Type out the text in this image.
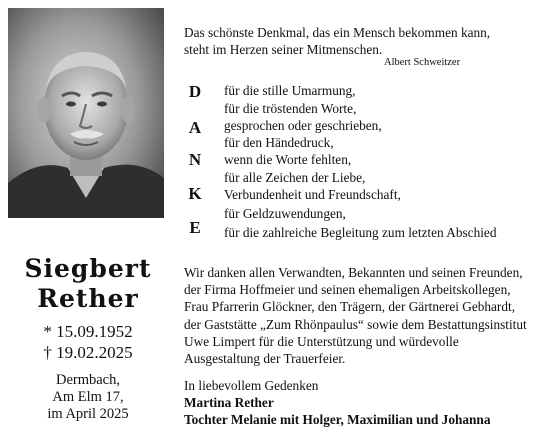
Siegbert
Rether
* 15.09.1952
† 19.02.2025
Dermbach,
Am Elm 17,
im April 2025
Das schönste Denkmal, das ein Mensch bekommen kann,
steht im Herzen seiner Mitmenschen.
Albert Schweitzer
D für die stille Umarmung,
A
für die tröstenden Worte,
gesprochen oder geschrieben,
N
für den Händedruck,
wenn die Worte fehlten,
K
für alle Zeichen der Liebe,
Verbundenheit und Freundschaft,
E
für Geldzuwendungen,
für die zahlreiche Begleitung zum letzten Abschied
Wir danken allen Verwandten, Bekannten und seinen Freunden,
der Firma Hoffmeier und seinen ehemaligen Arbeitskollegen,
Frau Pfarrerin Glöckner, den Trägern, der Gärtnerei Gebhardt,
der Gaststätte „Zum Rhönpaulus“ sowie dem Bestattungsinstitut
Uwe Limpert für die Unterstützung und würdevolle
Ausgestaltung der Trauerfeier.
In liebevollem Gedenken
Martina Rether
Tochter Melanie mit Holger, Maximilian und Johanna
